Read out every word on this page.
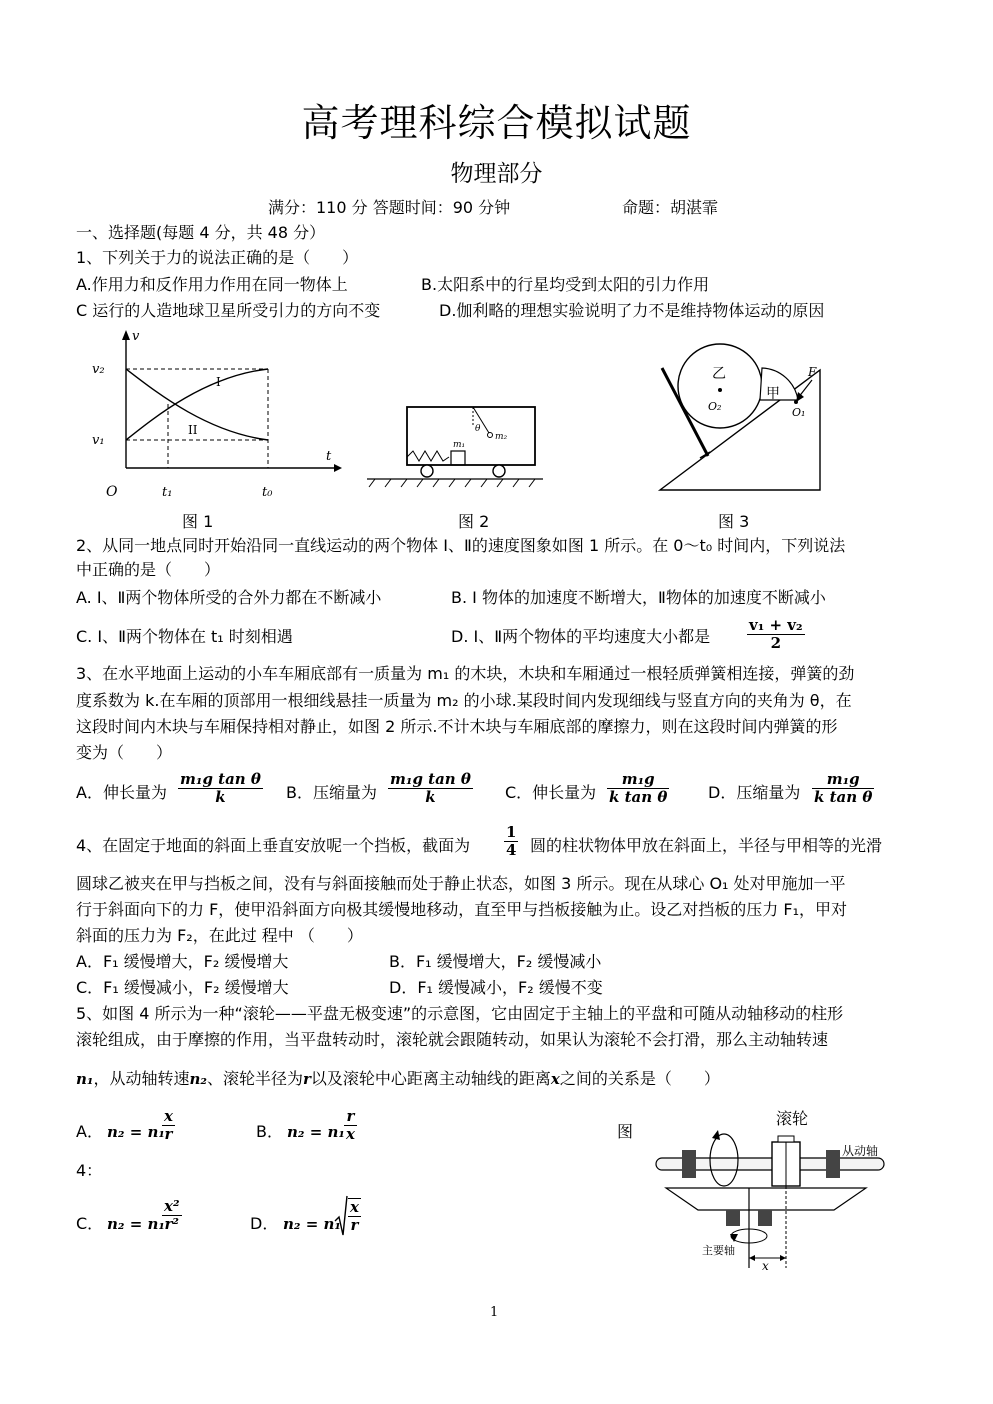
高考理科综合模拟试题
物理部分
满分：110 分 答题时间：90 分钟	命题：胡湛霏
一、选择题(每题 4 分，共 48 分）
1、下列关于力的说法正确的是（　　）
A.作用力和反作用力作用在同一物体上	B.太阳系中的行星均受到太阳的引力作用
C 运行的人造地球卫星所受引力的方向不变	D.伽利略的理想实验说明了力不是维持物体运动的原因
v₂
v₁
v
t
O	t₁	t₀
I
II
图 1
m₁
m₂
θ
图 2
乙
甲
O₂	O₁
F
图 3
2、从同一地点同时开始沿同一直线运动的两个物体 I、Ⅱ的速度图象如图 1 所示。在 0～t₀ 时间内，下列说法
中正确的是（　　）
A. I、Ⅱ两个物体所受的合外力都在不断减小	B. I 物体的加速度不断增大，Ⅱ物体的加速度不断减小
C. I、Ⅱ两个物体在 t₁ 时刻相遇	D. I、Ⅱ两个物体的平均速度大小都是 $\frac{\text{v₁ + v₂}}{2}$
3、在水平地面上运动的小车车厢底部有一质量为 m₁ 的木块，木块和车厢通过一根轻质弹簧相连接，弹簧的劲
度系数为 k.在车厢的顶部用一根细线悬挂一质量为 m₂ 的小球.某段时间内发现细线与竖直方向的夹角为 θ，在
这段时间内木块与车厢保持相对静止，如图 2 所示.不计木块与车厢底部的摩擦力，则在这段时间内弹簧的形
变为（　　）
A．伸长量为 $\frac{\text{m₁g tan θ}}{k}$ B．压缩量为 $\frac{\text{m₁g tan θ}}{k}$ C．伸长量为 $\frac{\text{m₁g}}{\text{k tan θ}}$ D．压缩量为 $\frac{\text{m₁g}}{\text{k tan θ}}$
4、在固定于地面的斜面上垂直安放呢一个挡板，截面为 $\frac{1}{4}$ 圆的柱状物体甲放在斜面上，半径与甲相等的光滑
圆球乙被夹在甲与挡板之间，没有与斜面接触而处于静止状态，如图 3 所示。现在从球心 O₁ 处对甲施加一平
行于斜面向下的力 F，使甲沿斜面方向极其缓慢地移动，直至甲与挡板接触为止。设乙对挡板的压力 F₁，甲对
斜面的压力为 F₂，在此过 程中 （　　）
A．F₁ 缓慢增大，F₂ 缓慢增大	B．F₁ 缓慢增大，F₂ 缓慢减小
C．F₁ 缓慢减小，F₂ 缓慢增大	D．F₁ 缓慢减小，F₂ 缓慢不变
5、如图 4 所示为一种“滚轮——平盘无极变速”的示意图，它由固定于主轴上的平盘和可随从动轴移动的柱形
滚轮组成，由于摩擦的作用，当平盘转动时，滚轮就会跟随转动，如果认为滚轮不会打滑，那么主动轴转速
n₁，从动轴转速n₂、滚轮半径为r以及滚轮中心距离主动轴线的距离x之间的关系是（　　）
A． n₂ = n₁
$\frac{x}{r}$	B． $n_2 = n_1 \frac{r}{x}$	图
4：
C． n₂ = n₁
$\frac{\text{x²}}{\text{r²}}$	D． $n_2 = n_1 \frac{x}{r}$
滚轮
从动轴
主要轴
x
1
